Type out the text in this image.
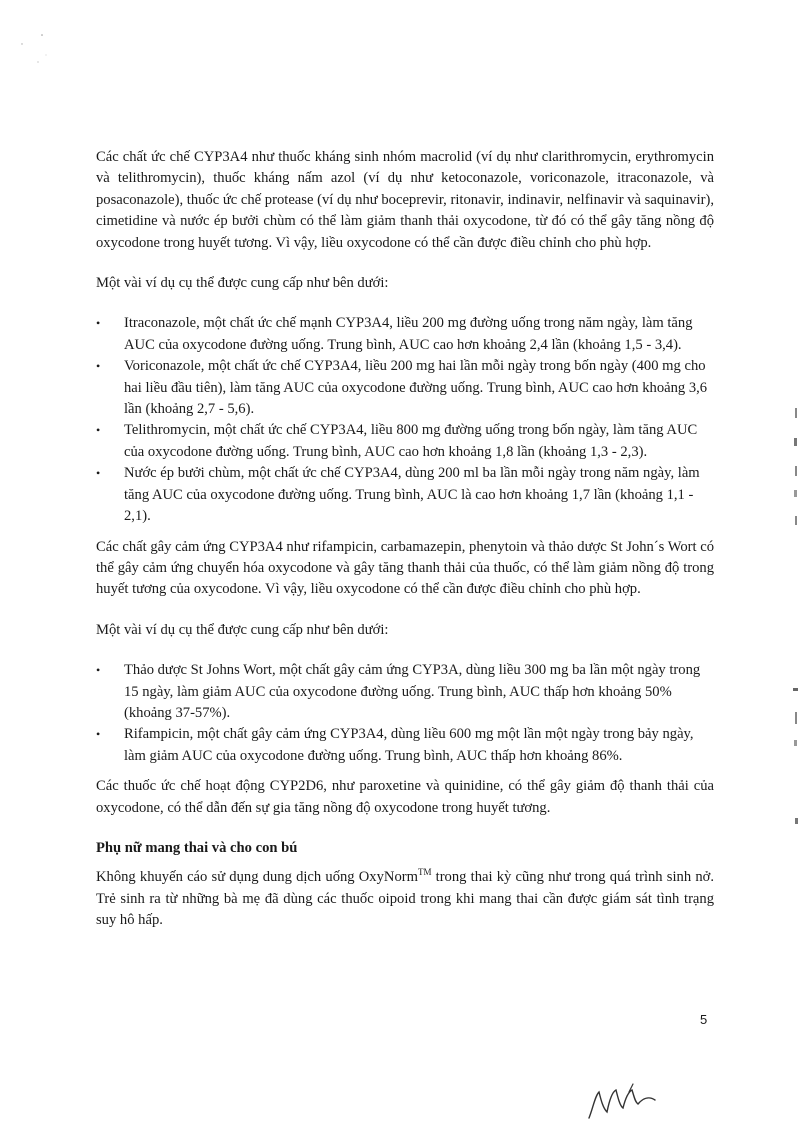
Các chất ức chế CYP3A4 như thuốc kháng sinh nhóm macrolid (ví dụ như clarithromycin, erythromycin và telithromycin), thuốc kháng nấm azol (ví dụ như ketoconazole, voriconazole, itraconazole, và posaconazole), thuốc ức chế protease (ví dụ như boceprevir, ritonavir, indinavir, nelfinavir và saquinavir), cimetidine và nước ép bưởi chùm có thể làm giảm thanh thải oxycodone, từ đó có thể gây tăng nồng độ oxycodone trong huyết tương. Vì vậy, liều oxycodone có thể cần được điều chỉnh cho phù hợp.

Một vài ví dụ cụ thể được cung cấp như bên dưới:

• Itraconazole, một chất ức chế mạnh CYP3A4, liều 200 mg đường uống trong năm ngày, làm tăng AUC của oxycodone đường uống. Trung bình, AUC cao hơn khoảng 2,4 lần (khoảng 1,5 - 3,4).
• Voriconazole, một chất ức chế CYP3A4, liều 200 mg hai lần mỗi ngày trong bốn ngày (400 mg cho hai liều đầu tiên), làm tăng AUC của oxycodone đường uống. Trung bình, AUC cao hơn khoảng 3,6 lần (khoảng 2,7 - 5,6).
• Telithromycin, một chất ức chế CYP3A4, liều 800 mg đường uống trong bốn ngày, làm tăng AUC của oxycodone đường uống. Trung bình, AUC cao hơn khoảng 1,8 lần (khoảng 1,3 - 2,3).
• Nước ép bưởi chùm, một chất ức chế CYP3A4, dùng 200 ml ba lần mỗi ngày trong năm ngày, làm tăng AUC của oxycodone đường uống. Trung bình, AUC là cao hơn khoảng 1,7 lần (khoảng 1,1 - 2,1).

Các chất gây cảm ứng CYP3A4 như rifampicin, carbamazepin, phenytoin và thảo dược St John´s Wort có thể gây cảm ứng chuyển hóa oxycodone và gây tăng thanh thải của thuốc, có thể làm giảm nồng độ trong huyết tương của oxycodone. Vì vậy, liều oxycodone có thể cần được điều chỉnh cho phù hợp.

Một vài ví dụ cụ thể được cung cấp như bên dưới:

• Thảo dược St Johns Wort, một chất gây cảm ứng CYP3A, dùng liều 300 mg ba lần một ngày trong 15 ngày, làm giảm AUC của oxycodone đường uống. Trung bình, AUC thấp hơn khoảng 50% (khoảng 37-57%).
• Rifampicin, một chất gây cảm ứng CYP3A4, dùng liều 600 mg một lần một ngày trong bảy ngày, làm giảm AUC của oxycodone đường uống. Trung bình, AUC thấp hơn khoảng 86%.

Các thuốc ức chế hoạt động CYP2D6, như paroxetine và quinidine, có thể gây giảm độ thanh thải của oxycodone, có thể dẫn đến sự gia tăng nồng độ oxycodone trong huyết tương.

Phụ nữ mang thai và cho con bú

Không khuyến cáo sử dụng dung dịch uống OxyNorm™ trong thai kỳ cũng như trong quá trình sinh nở. Trẻ sinh ra từ những bà mẹ đã dùng các thuốc oipoid trong khi mang thai cần được giám sát tình trạng suy hô hấp.

5
